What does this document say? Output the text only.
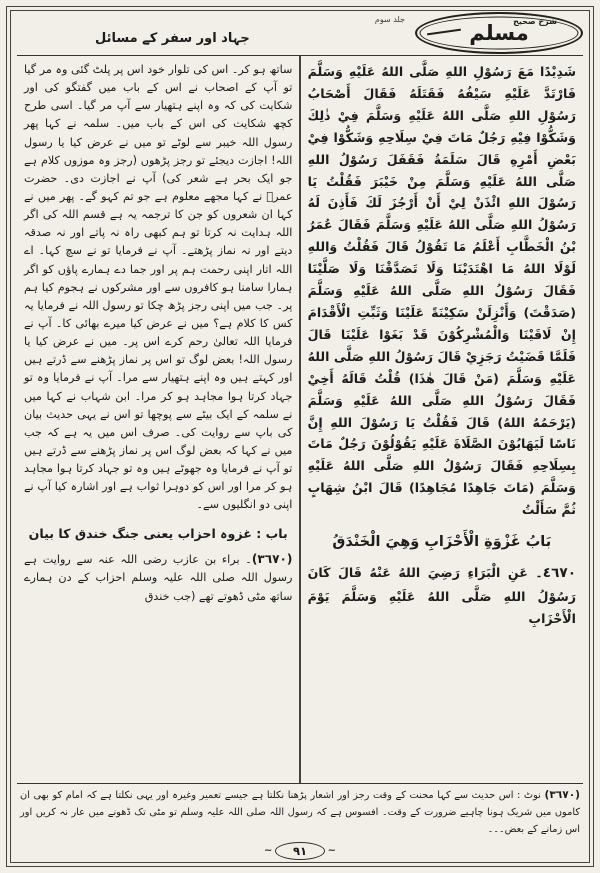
جلد سوم
جہاد اور سفر کے مسائل
شرح صحیح
مسلم

شَدِيْدًا مَعَ رَسُوْلِ اللهِ صَلَّى اللهُ عَلَيْهِ وَسَلَّمَ فَارْتَدَّ عَلَيْهِ سَيْفُهُ فَقَتَلَهُ فَقَالَ أَصْحَابُ رَسُوْلِ اللهِ صَلَّى اللهُ عَلَيْهِ وَسَلَّمَ فِيْ ذٰلِكَ وَشَكُّوْا فِيْهِ رَجُلٌ مَاتَ فِيْ سِلَاحِهِ وَشَكُّوْا فِيْ بَعْضِ أَمْرِهِ قَالَ سَلَمَةُ فَقَفَلَ رَسُوْلُ اللهِ صَلَّى اللهُ عَلَيْهِ وَسَلَّمَ مِنْ خَيْبَرَ فَقُلْتُ يَا رَسُوْلَ اللهِ ائْذَنْ لِيْ أَنْ أَرْجُزَ لَكَ فَأَذِنَ لَهُ رَسُوْلُ اللهِ صَلَّى اللهُ عَلَيْهِ وَسَلَّمَ فَقَالَ عُمَرُ بْنُ الْخَطَّابِ أَعْلَمُ مَا تَقُوْلُ قَالَ فَقُلْتُ وَاللهِ لَوْلَا اللهُ مَا اهْتَدَيْنَا وَلَا تَصَدَّقْنَا وَلَا صَلَّيْنَا فَقَالَ رَسُوْلُ اللهِ صَلَّى اللهُ عَلَيْهِ وَسَلَّمَ (صَدَقْتَ) وَأَنْزِلَنْ سَكِيْنَةً عَلَيْنَا وَثَبِّتِ الْأَقْدَامَ إِنْ لَاقَيْنَا وَالْمُشْرِكُوْنَ قَدْ بَغَوْا عَلَيْنَا قَالَ فَلَمَّا قَضَيْتُ رَجَزِيْ قَالَ رَسُوْلُ اللهِ صَلَّى اللهُ عَلَيْهِ وَسَلَّمَ (مَنْ قَالَ هٰذَا) قُلْتُ قَالَهُ أَخِيْ فَقَالَ رَسُوْلُ اللهِ صَلَّى اللهُ عَلَيْهِ وَسَلَّمَ (يَرْحَمُهُ اللهُ) قَالَ فَقُلْتُ يَا رَسُوْلَ اللهِ إِنَّ نَاسًا لَيَهَابُوْنَ الصَّلَاةَ عَلَيْهِ يَقُوْلُوْنَ رَجُلٌ مَاتَ بِسِلَاحِهِ فَقَالَ رَسُوْلُ اللهِ صَلَّى اللهُ عَلَيْهِ وَسَلَّمَ (مَاتَ جَاهِدًا مُجَاهِدًا) قَالَ ابْنُ شِهَابٍ ثُمَّ سَأَلْتُ

بَابُ غَزْوَةِ الْأَحْزَابِ وَهِيَ الْخَنْدَقُ

٤٦٧٠۔ عَنِ الْبَرَاءِ رَضِيَ اللهُ عَنْهُ قَالَ كَانَ رَسُوْلُ اللهِ صَلَّى اللهُ عَلَيْهِ وَسَلَّمَ يَوْمَ الْأَحْزَابِ

ساتھ ہو کر۔ اس کی تلوار خود اس پر پلٹ گئی وہ مر گیا تو آپ کے اصحاب نے اس کے باب میں گفتگو کی اور شکایت کی کہ وہ اپنے ہتھیار سے آپ مر گیا۔ اسی طرح کچھ شکایت کی اس کے باب میں۔ سلمہ نے کہا پھر رسول اللہ خیبر سے لوٹے تو میں نے عرض کیا یا رسول اللہ! اجازت دیجئے تو رجز پڑھوں (رجز وہ موزوں کلام ہے جو ایک بحر ہے شعر کی) آپ نے اجازت دی۔ حضرت عمرؓ نے کہا مجھے معلوم ہے جو تم کہو گے۔ پھر میں نے کہا ان شعروں کو جن کا ترجمہ یہ ہے قسم اللہ کی اگر اللہ ہدایت نہ کرتا تو ہم کبھی راہ نہ پاتے اور نہ صدقہ دیتے اور نہ نماز پڑھتے۔ آپ نے فرمایا تو نے سچ کہا۔ اے اللہ اتار اپنی رحمت ہم پر اور جما دے ہمارے پاؤں کو اگر ہمارا سامنا ہو کافروں سے اور مشرکوں نے ہجوم کیا ہم پر۔ جب میں اپنی رجز پڑھ چکا تو رسول اللہ نے فرمایا یہ کس کا کلام ہے؟ میں نے عرض کیا میرے بھائی کا۔ آپ نے فرمایا اللہ تعالیٰ رحم کرے اس پر۔ میں نے عرض کیا یا رسول اللہ! بعض لوگ تو اس پر نماز پڑھنے سے ڈرتے ہیں اور کہتے ہیں وہ اپنے ہتھیار سے مرا۔ آپ نے فرمایا وہ تو جہاد کرتا ہوا مجاہد ہو کر مرا۔ ابن شہاب نے کہا میں نے سلمہ کے ایک بیٹے سے پوچھا تو اس نے یہی حدیث بیان کی باپ سے روایت کی۔ صرف اس میں یہ ہے کہ جب میں نے کہا کہ بعض لوگ اس پر نماز پڑھنے سے ڈرتے ہیں تو آپ نے فرمایا وہ جھوٹے ہیں وہ تو جہاد کرتا ہوا مجاہد ہو کر مرا اور اس کو دوہرا ثواب ہے اور اشارہ کیا آپ نے اپنی دو انگلیوں سے۔

باب : غزوہ احزاب یعنی جنگ خندق کا بیان

(٣٦٧٠)۔ براء بن عازب رضی اللہ عنہ سے روایت ہے رسول اللہ صلی اللہ علیہ وسلم احزاب کے دن ہمارے ساتھ مٹی ڈھوتے تھے (جب خندق

(٣٦٧٠) نوٹ : اس حدیث سے کہا محنت کے وقت رجز اور اشعار پڑھنا نکلتا ہے جیسے تعمیر وغیرہ اور یہی نکلتا ہے کہ امام کو بھی ان کاموں میں شریک ہونا چاہیے ضرورت کے وقت۔ افسوس ہے کہ رسول اللہ صلی اللہ علیہ وسلم تو مٹی تک ڈھونے میں عار نہ کریں اور اس زمانے کے بعض۔۔۔
~ ٩١ ~
